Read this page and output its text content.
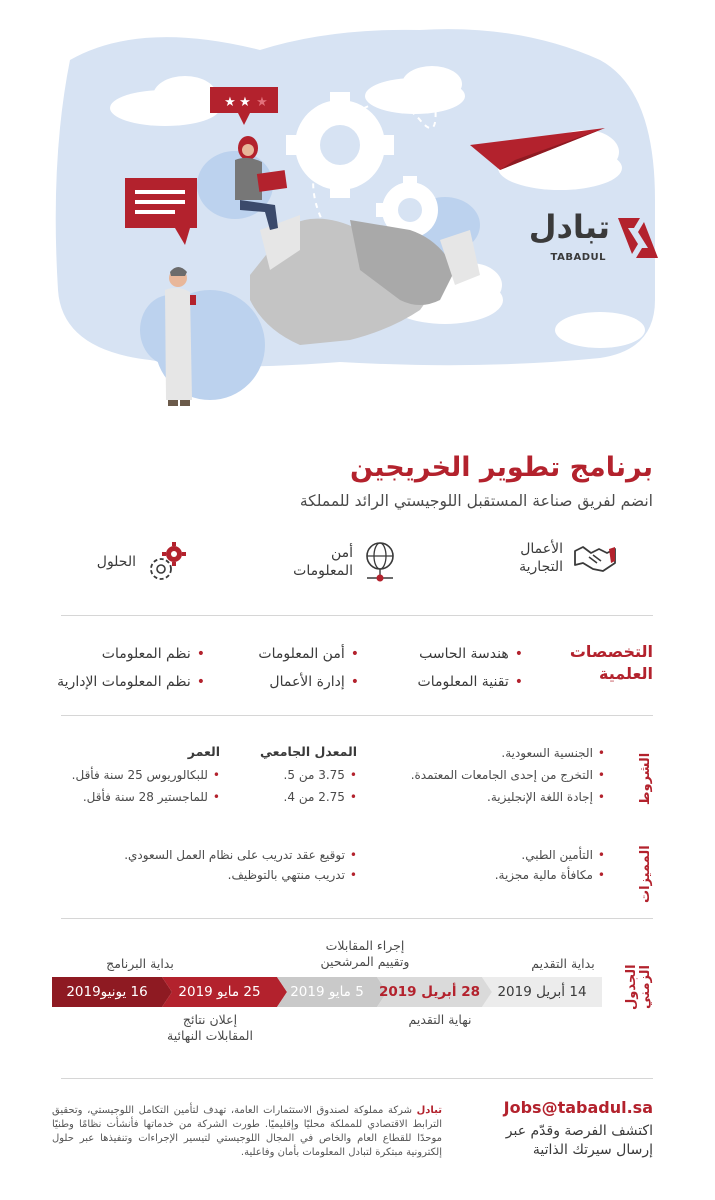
★ ★ ★
تبادل
TABADUL
برنامج تطوير الخريجين
انضم لفريق صناعة المستقبل اللوجيستي الرائد للمملكة
الأعمال
التجارية
أمن
المعلومات
الحلول
التخصصات
العلمية
• هندسة الحاسب
• أمن المعلومات
• نظم المعلومات
• تقنية المعلومات
• إدارة الأعمال
• نظم المعلومات الإدارية
الشروط
• الجنسية السعودية.
• التخرج من إحدى الجامعات المعتمدة.
• إجادة اللغة الإنجليزية.
المعدل الجامعي
• 3.75 من 5.
• 2.75 من 4.
العمر
• للبكالوريوس 25 سنة فأقل.
• للماجستير 28 سنة فأقل.
المميزات
• التأمين الطبي.
• مكافأة مالية مجزية.
• توقيع عقد تدريب على نظام العمل السعودي.
• تدريب منتهي بالتوظيف.
الجدول
الزمني
بداية التقديم
إجراء المقابلات
وتقييم المرشحين
بداية البرنامج
14 أبريل 2019
28 أبريل 2019
5 مايو 2019
25 مايو 2019
16 يونيو2019
نهاية التقديم
إعلان نتائج
المقابلات النهائية
Jobs@tabadul.sa
اكتشف الفرصة وقدّم عبر
إرسال سيرتك الذاتية
تبادل شركة مملوكة لصندوق الاستثمارات العامة، تهدف لتأمين التكامل اللوجيستي، وتحقيق الترابط الاقتصادي للمملكة محليًا وإقليميًا. طورت الشركة من خدماتها فأنشأت نظامًا وطنيًا موحدًا للقطاع العام والخاص في المجال اللوجيستي لتيسير الإجراءات وتنفيذها عبر حلول إلكترونية مبتكرة لتبادل المعلومات بأمان وفاعلية.
